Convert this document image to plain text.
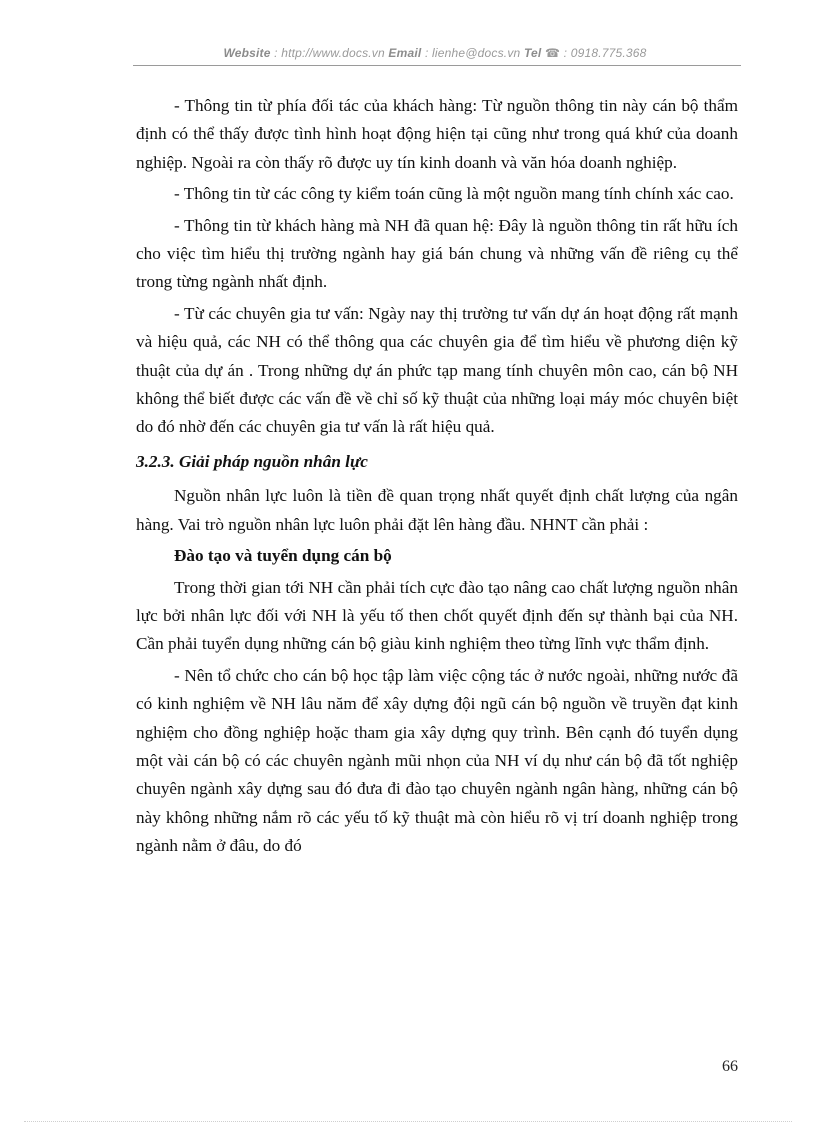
Website : http://www.docs.vn Email : lienhe@docs.vn Tel ☎ : 0918.775.368

- Thông tin từ phía đối tác của khách hàng: Từ nguồn thông tin này cán bộ thẩm định có thể thấy được tình hình hoạt động hiện tại cũng như trong quá khứ của doanh nghiệp. Ngoài ra còn thấy rõ được uy tín kinh doanh và văn hóa doanh nghiệp.

- Thông tin từ các công ty kiểm toán cũng là một nguồn mang tính chính xác cao.

- Thông tin từ khách hàng mà NH đã quan hệ: Đây là nguồn thông tin rất hữu ích cho việc tìm hiểu thị trường ngành hay giá bán chung và những vấn đề riêng cụ thể trong từng ngành nhất định.

- Từ các chuyên gia tư vấn: Ngày nay thị trường tư vấn dự án hoạt động rất mạnh và hiệu quả, các NH có thể thông qua các chuyên gia để tìm hiểu về phương diện kỹ thuật của dự án . Trong những dự án phức tạp mang tính chuyên môn cao, cán bộ NH không thể biết được các vấn đề về chỉ số kỹ thuật của những loại máy móc chuyên biệt do đó nhờ đến các chuyên gia tư vấn là rất hiệu quả.

3.2.3. Giải pháp nguồn nhân lực

Nguồn nhân lực luôn là tiền đề quan trọng nhất quyết định chất lượng của ngân hàng. Vai trò nguồn nhân lực luôn phải đặt lên hàng đầu. NHNT cần phải :

Đào tạo và tuyển dụng cán bộ

Trong thời gian tới NH cần phải tích cực đào tạo nâng cao chất lượng nguồn nhân lực bởi nhân lực đối với NH là yếu tố then chốt quyết định đến sự thành bại của NH. Cần phải tuyển dụng những cán bộ giàu kinh nghiệm theo từng lĩnh vực thẩm định.

- Nên tổ chức cho cán bộ học tập làm việc cộng tác ở nước ngoài, những nước đã có kinh nghiệm về NH lâu năm để xây dựng đội ngũ cán bộ nguồn về truyền đạt kinh nghiệm cho đồng nghiệp hoặc tham gia xây dựng quy trình. Bên cạnh đó tuyển dụng một vài cán bộ có các chuyên ngành mũi nhọn của NH ví dụ như cán bộ đã tốt nghiệp chuyên ngành xây dựng sau đó đưa đi đào tạo chuyên ngành ngân hàng, những cán bộ này không những nắm rõ các yếu tố kỹ thuật mà còn hiểu rõ vị trí doanh nghiệp trong ngành nằm ở đâu, do đó

66
